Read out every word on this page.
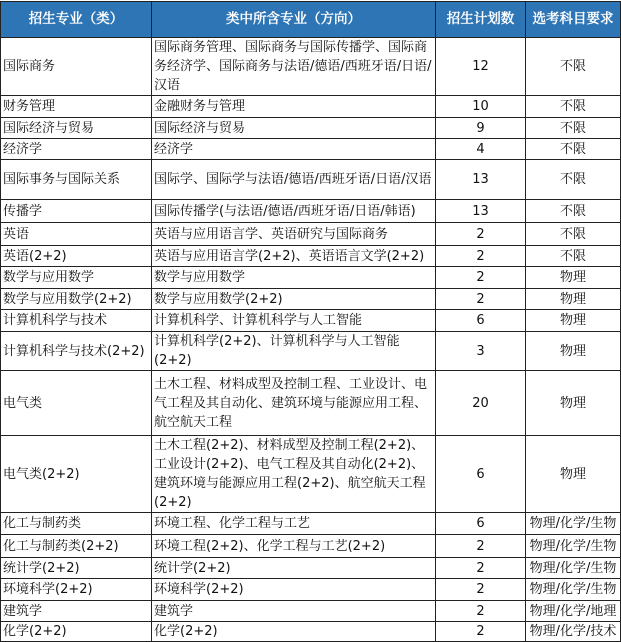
招生专业（类）	类中所含专业（方向）	招生计划数	选考科目要求
国际商务	国际商务管理、国际商务与国际传播学、国际商务经济学、国际商务与法语/德语/西班牙语/日语/汉语	12	不限
财务管理	金融财务与管理	10	不限
国际经济与贸易	国际经济与贸易	9	不限
经济学	经济学	4	不限
国际事务与国际关系	国际学、国际学与法语/德语/西班牙语/日语/汉语	13	不限
传播学	国际传播学(与法语/德语/西班牙语/日语/韩语)	13	不限
英语	英语与应用语言学、英语研究与国际商务	2	不限
英语(2+2)	英语与应用语言学(2+2)、英语语言文学(2+2)	2	不限
数学与应用数学	数学与应用数学	2	物理
数学与应用数学(2+2)	数学与应用数学(2+2)	2	物理
计算机科学与技术	计算机科学、计算机科学与人工智能	6	物理
计算机科学与技术(2+2)	计算机科学(2+2)、计算机科学与人工智能(2+2)	3	物理
电气类	土木工程、材料成型及控制工程、工业设计、电气工程及其自动化、建筑环境与能源应用工程、航空航天工程	20	物理
电气类(2+2)	土木工程(2+2)、材料成型及控制工程(2+2)、工业设计(2+2)、电气工程及其自动化(2+2)、建筑环境与能源应用工程(2+2)、航空航天工程(2+2)	6	物理
化工与制药类	环境工程、化学工程与工艺	6	物理/化学/生物
化工与制药类(2+2)	环境工程(2+2)、化学工程与工艺(2+2)	2	物理/化学/生物
统计学(2+2)	统计学(2+2)	2	物理/化学/生物
环境科学(2+2)	环境科学(2+2)	2	物理/化学/生物
建筑学	建筑学	2	物理/化学/地理
化学(2+2)	化学(2+2)	2	物理/化学/技术
